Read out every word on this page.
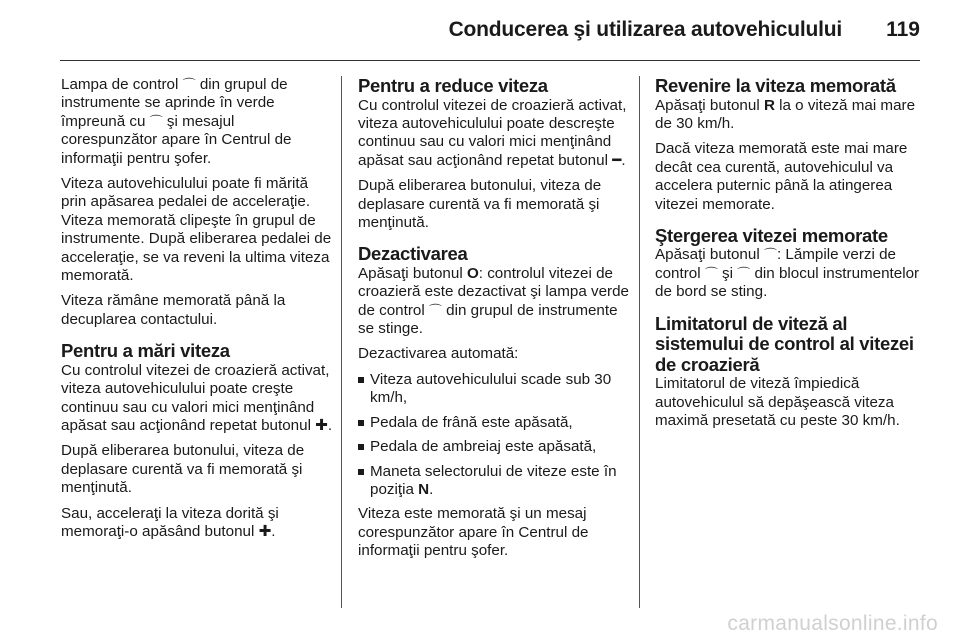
Conducerea şi utilizarea autovehiculului 119

Lampa de control ⌒ din grupul de instrumente se aprinde în verde împreună cu ⌒ şi mesajul corespunzător apare în Centrul de informaţii pentru şofer.

Viteza autovehiculului poate fi mărită prin apăsarea pedalei de acceleraţie. Viteza memorată clipeşte în grupul de instrumente. După eliberarea pedalei de acceleraţie, se va reveni la ultima viteza memorată.

Viteza rămâne memorată până la decuplarea contactului.

Pentru a mări viteza

Cu controlul vitezei de croazieră activat, viteza autovehiculului poate creşte continuu sau cu valori mici menţinând apăsat sau acţionând repetat butonul ✚.

După eliberarea butonului, viteza de deplasare curentă va fi memorată şi menţinută.

Sau, acceleraţi la viteza dorită şi memoraţi-o apăsând butonul ✚.

Pentru a reduce viteza

Cu controlul vitezei de croazieră activat, viteza autovehiculului poate descreşte continuu sau cu valori mici menţinând apăsat sau acţionând repetat butonul ━.

După eliberarea butonului, viteza de deplasare curentă va fi memorată şi menţinută.

Dezactivarea

Apăsaţi butonul O: controlul vitezei de croazieră este dezactivat şi lampa verde de control ⌒ din grupul de instrumente se stinge.

Dezactivarea automată:

Viteza autovehiculului scade sub 30 km/h,
Pedala de frână este apăsată,
Pedala de ambreiaj este apăsată,
Maneta selectorului de viteze este în poziţia N.

Viteza este memorată şi un mesaj corespunzător apare în Centrul de informaţii pentru şofer.

Revenire la viteza memorată

Apăsaţi butonul R la o viteză mai mare de 30 km/h.

Dacă viteza memorată este mai mare decât cea curentă, autovehiculul va accelera puternic până la atingerea vitezei memorate.

Ştergerea vitezei memorate

Apăsaţi butonul ⌒: Lămpile verzi de control ⌒ şi ⌒ din blocul instrumentelor de bord se sting.

Limitatorul de viteză al sistemului de control al vitezei de croazieră

Limitatorul de viteză împiedică autovehiculul să depăşească viteza maximă presetată cu peste 30 km/h.

carmanualsonline.info
